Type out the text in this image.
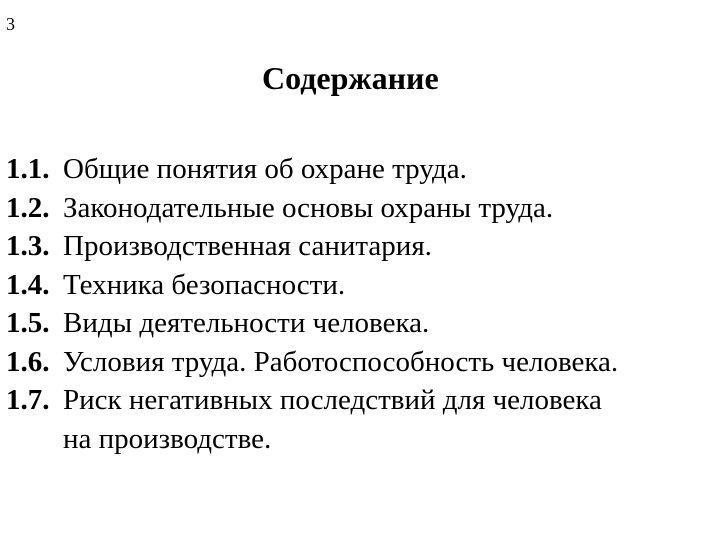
3
Содержание
1.1. Общие понятия об охране труда.
1.2. Законодательные основы охраны труда.
1.3. Производственная санитария.
1.4. Техника безопасности.
1.5. Виды деятельности человека.
1.6. Условия труда. Работоспособность человека.
1.7. Риск негативных последствий для человека
на производстве.
